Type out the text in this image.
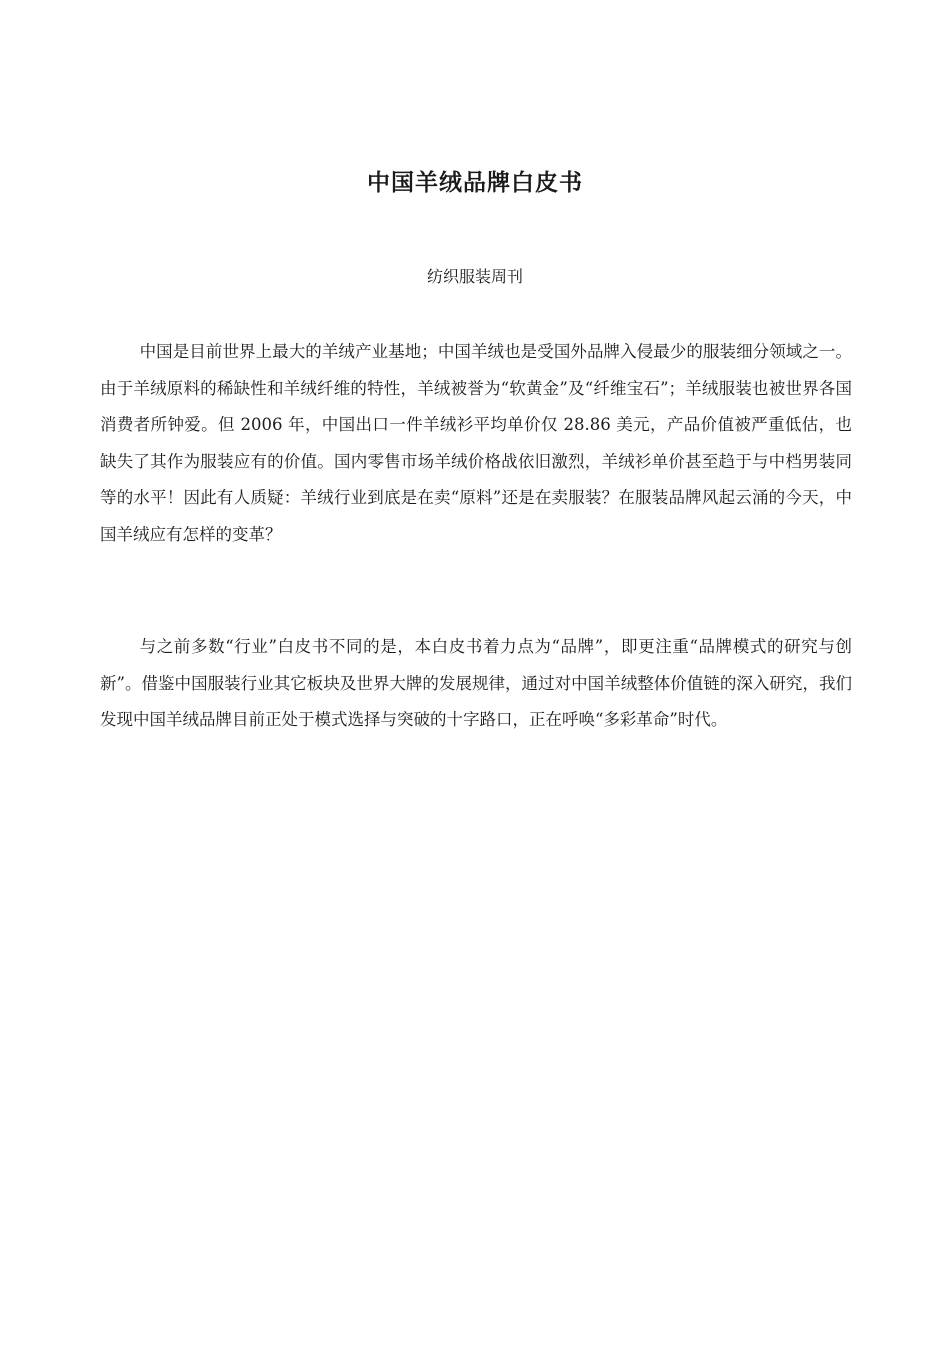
中国羊绒品牌白皮书

纺织服装周刊

中国是目前世界上最大的羊绒产业基地；中国羊绒也是受国外品牌入侵最少的服装细分领域之一。由于羊绒原料的稀缺性和羊绒纤维的特性，羊绒被誉为“软黄金”及“纤维宝石”；羊绒服装也被世界各国消费者所钟爱。但 2006 年，中国出口一件羊绒衫平均单价仅 28.86 美元，产品价值被严重低估，也缺失了其作为服装应有的价值。国内零售市场羊绒价格战依旧激烈，羊绒衫单价甚至趋于与中档男装同等的水平！因此有人质疑：羊绒行业到底是在卖“原料”还是在卖服装？在服装品牌风起云涌的今天，中国羊绒应有怎样的变革？

与之前多数“行业”白皮书不同的是，本白皮书着力点为“品牌”，即更注重“品牌模式的研究与创新”。借鉴中国服装行业其它板块及世界大牌的发展规律，通过对中国羊绒整体价值链的深入研究，我们发现中国羊绒品牌目前正处于模式选择与突破的十字路口，正在呼唤“多彩革命”时代。
